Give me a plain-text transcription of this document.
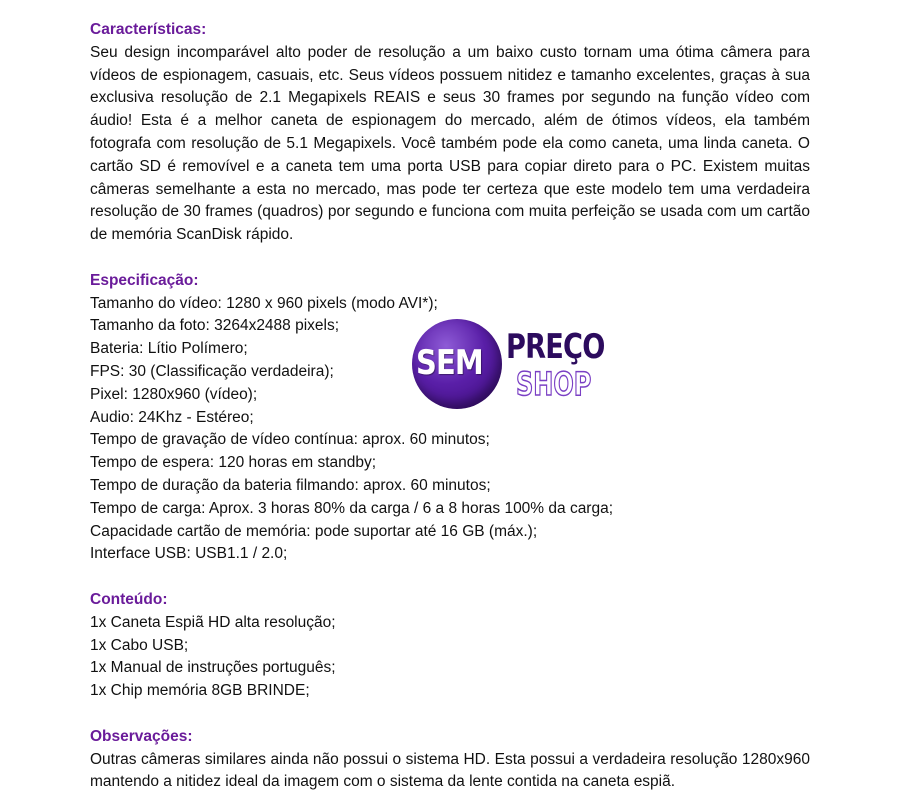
Características:

Seu design incomparável alto poder de resolução a um baixo custo tornam uma ótima câmera para vídeos de espionagem, casuais, etc. Seus vídeos possuem nitidez e tamanho excelentes, graças à sua exclusiva resolução de 2.1 Megapixels REAIS e seus 30 frames por segundo na função vídeo com áudio! Esta é a melhor caneta de espionagem do mercado, além de ótimos vídeos, ela também fotografa com resolução de 5.1 Megapixels. Você também pode ela como caneta, uma linda caneta. O cartão SD é removível e a caneta tem uma porta USB para copiar direto para o PC. Existem muitas câmeras semelhante a esta no mercado, mas pode ter certeza que este modelo tem uma verdadeira resolução de 30 frames (quadros) por segundo e funciona com muita perfeição se usada com um cartão de memória ScanDisk rápido.

Especificação:

Tamanho do vídeo: 1280 x 960 pixels (modo AVI*);

Tamanho da foto: 3264x2488 pixels;

Bateria: Lítio Polímero;

FPS: 30 (Classificação verdadeira);

Pixel: 1280x960 (vídeo);

Audio: 24Khz - Estéreo;

Tempo de gravação de vídeo contínua: aprox. 60 minutos;

Tempo de espera: 120 horas em standby;

Tempo de duração da bateria filmando: aprox. 60 minutos;

Tempo de carga: Aprox. 3 horas 80% da carga / 6 a 8 horas 100% da carga;

Capacidade cartão de memória: pode suportar até 16 GB (máx.);

Interface USB: USB1.1 / 2.0;

Conteúdo:

1x Caneta Espiã HD alta resolução;

1x Cabo USB;

1x Manual de instruções português;

1x Chip memória 8GB BRINDE;

Observações:

Outras câmeras similares ainda não possui o sistema HD. Esta possui a verdadeira resolução 1280x960 mantendo a nitidez ideal da imagem com o sistema da lente contida na caneta espiã.

SEM PREÇO
SHOP
